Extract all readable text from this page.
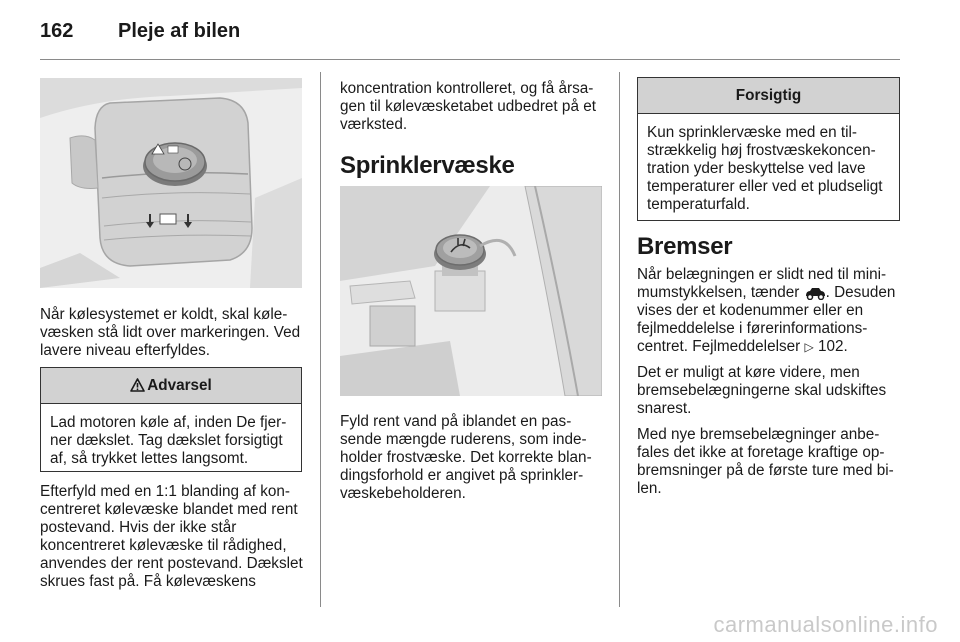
162 Pleje af bilen

Når kølesystemet er koldt, skal kølevæsken stå lidt over markeringen. Ved lavere niveau efterfyldes.

Advarsel
Lad motoren køle af, inden De fjerner dækslet. Tag dækslet forsigtigt af, så trykket lettes langsomt.

Efterfyld med en 1:1 blanding af koncentreret kølevæske blandet med rent postevand. Hvis der ikke står koncentreret kølevæske til rådighed, anvendes der rent postevand. Dækslet skrues fast på. Få kølevæskens

koncentration kontrolleret, og få årsagen til kølevæsketabet udbedret på et værksted.

Sprinklervæske

Fyld rent vand på iblandet en passende mængde ruderens, som indeholder frostvæske. Det korrekte blandingsforhold er angivet på sprinklervæskebeholderen.

Forsigtig
Kun sprinklervæske med en tilstrækkelig høj frostvæskekoncentration yder beskyttelse ved lave temperaturer eller ved et pludseligt temperaturfald.
Bremser

Når belægningen er slidt ned til minimumstykkelsen, tænder . Desuden vises der et kodenummer eller en fejlmeddelelse i førerinformationscentret. Fejlmeddelelser ▷ 102.

Det er muligt at køre videre, men bremsebelægningerne skal udskiftes snarest.

Med nye bremsebelægninger anbefales det ikke at foretage kraftige opbremsninger på de første ture med bilen.

carmanualsonline.info
